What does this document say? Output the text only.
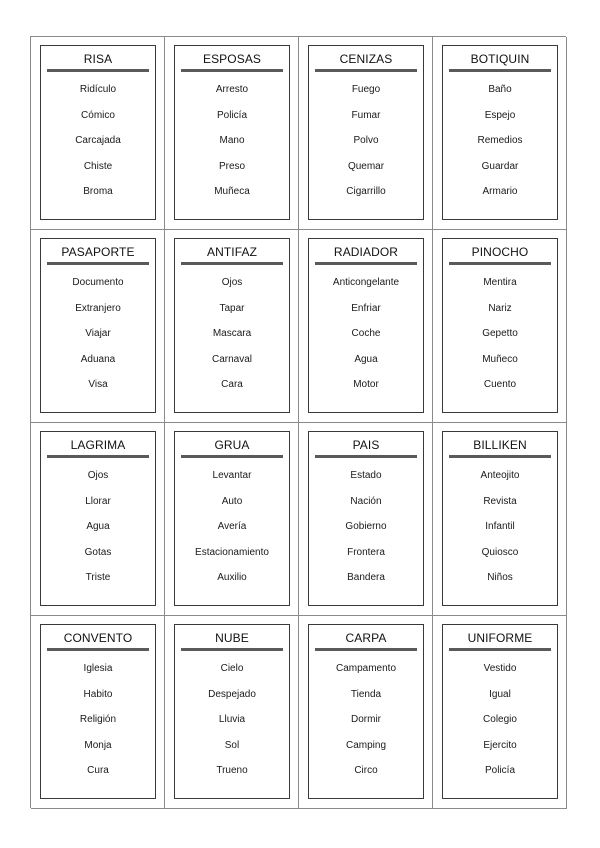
RISA
Ridículo
Cómico
Carcajada
Chiste
Broma
ESPOSAS
Arresto
Policía
Mano
Preso
Muñeca
CENIZAS
Fuego
Fumar
Polvo
Quemar
Cigarrillo
BOTIQUIN
Baño
Espejo
Remedios
Guardar
Armario
PASAPORTE
Documento
Extranjero
Viajar
Aduana
Visa
ANTIFAZ
Ojos
Tapar
Mascara
Carnaval
Cara
RADIADOR
Anticongelante
Enfriar
Coche
Agua
Motor
PINOCHO
Mentira
Nariz
Gepetto
Muñeco
Cuento
LAGRIMA
Ojos
Llorar
Agua
Gotas
Triste
GRUA
Levantar
Auto
Avería
Estacionamiento
Auxilio
PAIS
Estado
Nación
Gobierno
Frontera
Bandera
BILLIKEN
Anteojito
Revista
Infantil
Quiosco
Niños
CONVENTO
Iglesia
Habito
Religión
Monja
Cura
NUBE
Cielo
Despejado
Lluvia
Sol
Trueno
CARPA
Campamento
Tienda
Dormir
Camping
Circo
UNIFORME
Vestido
Igual
Colegio
Ejercito
Policía
